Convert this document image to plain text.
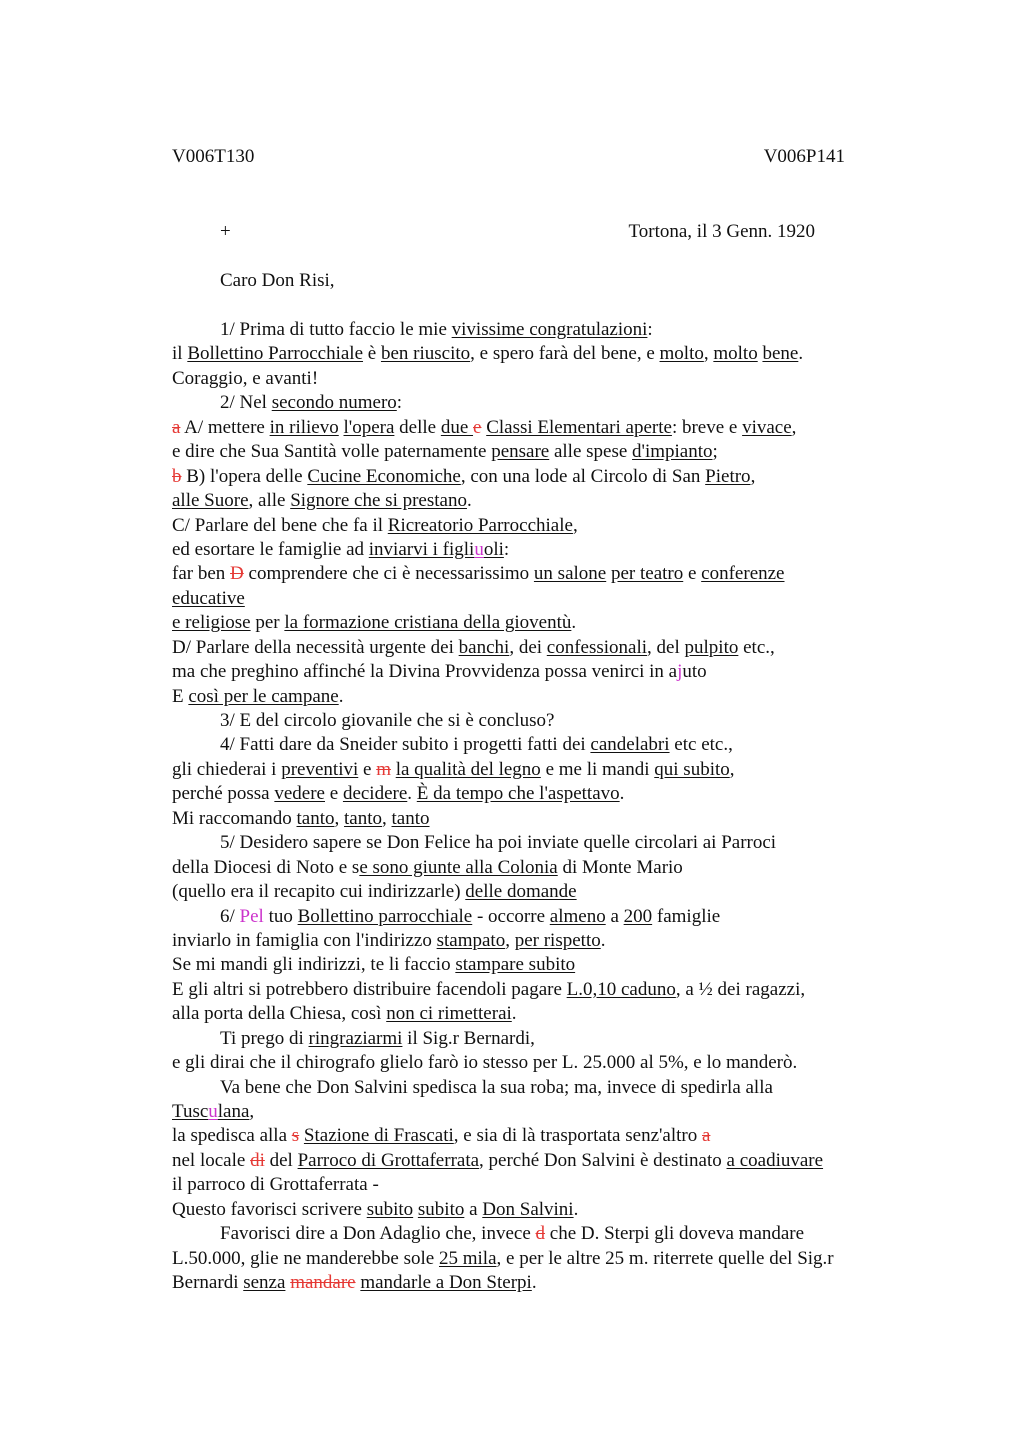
V006T130	V006P141
+	Tortona, il 3 Genn. 1920
Caro Don Risi,
1/ Prima di tutto faccio le mie vivissime congratulazioni:
il Bollettino Parrocchiale è ben riuscito, e spero farà del bene, e molto, molto bene.
Coraggio, e avanti!
2/ Nel secondo numero:
a A/ mettere in rilievo l'opera delle due e Classi Elementari aperte: breve e vivace,
e dire che Sua Santità volle paternamente pensare alle spese d'impianto;
b B) l'opera delle Cucine Economiche, con una lode al Circolo di San Pietro,
alle Suore, alle Signore che si prestano.
C/ Parlare del bene che fa il Ricreatorio Parrocchiale,
ed esortare le famiglie ad inviarvi i figliuoli:
far ben D comprendere che ci è necessarissimo un salone per teatro e conferenze
educative
e religiose per la formazione cristiana della gioventù.
D/ Parlare della necessità urgente dei banchi, dei confessionali, del pulpito etc.,
ma che preghino affinché la Divina Provvidenza possa venirci in ajuto
E così per le campane.
3/ E del circolo giovanile che si è concluso?
4/ Fatti dare da Sneider subito i progetti fatti dei candelabri etc etc.,
gli chiederai i preventivi e m la qualità del legno e me li mandi qui subito,
perché possa vedere e decidere. È da tempo che l'aspettavo.
Mi raccomando tanto, tanto, tanto
5/ Desidero sapere se Don Felice ha poi inviate quelle circolari ai Parroci
della Diocesi di Noto e se sono giunte alla Colonia di Monte Mario
(quello era il recapito cui indirizzarle) delle domande
6/ Pel tuo Bollettino parrocchiale - occorre almeno a 200 famiglie
inviarlo in famiglia con l'indirizzo stampato, per rispetto.
Se mi mandi gli indirizzi, te li faccio stampare subito
E gli altri si potrebbero distribuire facendoli pagare L.0,10 caduno, a ½ dei ragazzi,
alla porta della Chiesa, così non ci rimetterai.
Ti prego di ringraziarmi il Sig.r Bernardi,
e gli dirai che il chirografo glielo farò io stesso per L. 25.000 al 5%, e lo manderò.
Va bene che Don Salvini spedisca la sua roba; ma, invece di spedirla alla
Tusculana,
la spedisca alla s Stazione di Frascati, e sia di là trasportata senz'altro a
nel locale di del Parroco di Grottaferrata, perché Don Salvini è destinato a coadiuvare
il parroco di Grottaferrata -
Questo favorisci scrivere subito subito a Don Salvini.
Favorisci dire a Don Adaglio che, invece d che D. Sterpi gli doveva mandare
L.50.000, glie ne manderebbe sole 25 mila, e per le altre 25 m. riterrete quelle del Sig.r
Bernardi senza mandare mandarle a Don Sterpi.
